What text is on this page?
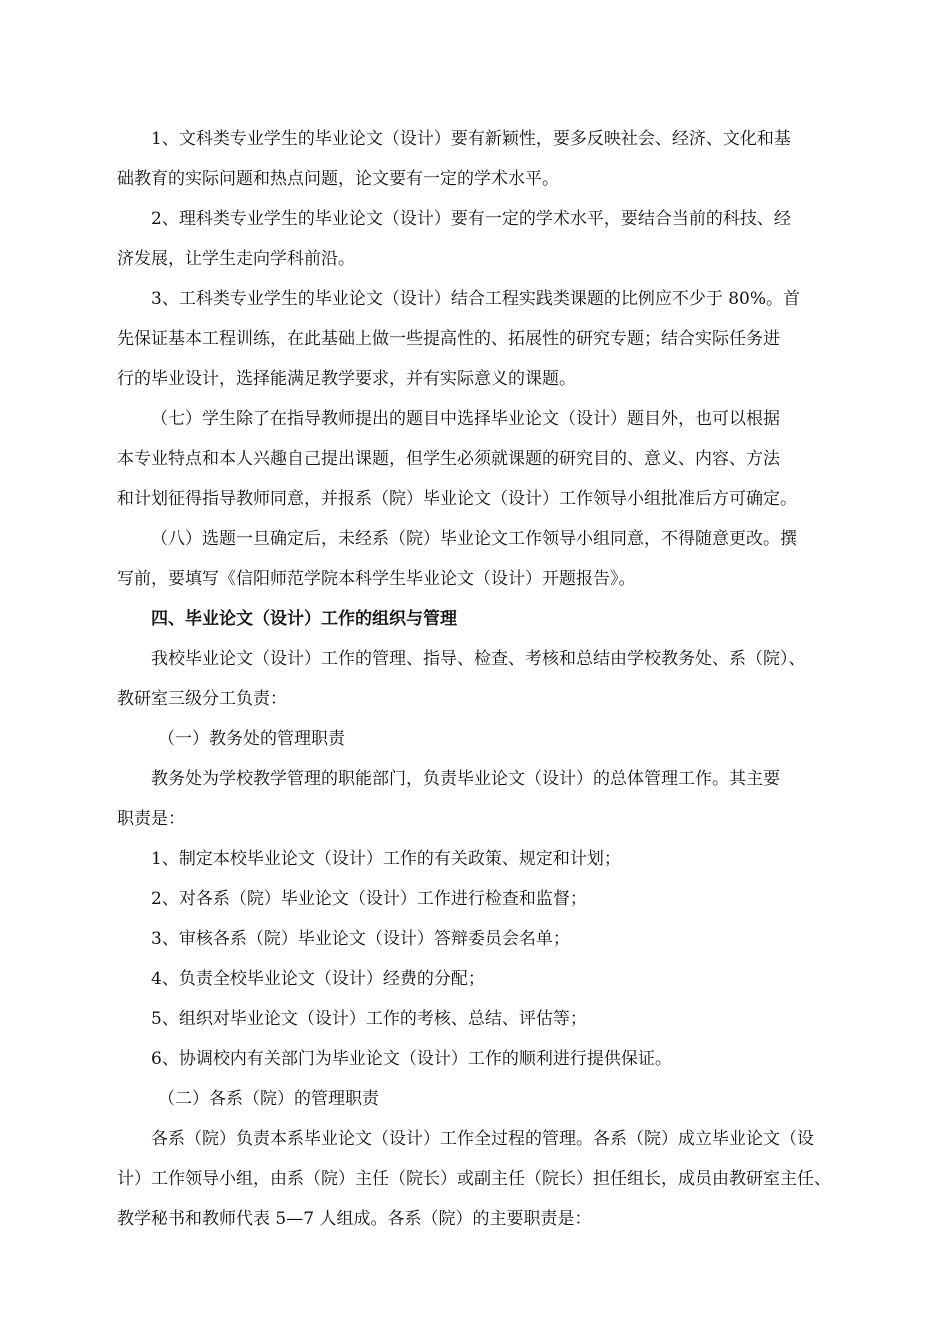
1、文科类专业学生的毕业论文（设计）要有新颖性，要多反映社会、经济、文化和基
础教育的实际问题和热点问题，论文要有一定的学术水平。
2、理科类专业学生的毕业论文（设计）要有一定的学术水平，要结合当前的科技、经
济发展，让学生走向学科前沿。
3、工科类专业学生的毕业论文（设计）结合工程实践类课题的比例应不少于 80%。首
先保证基本工程训练，在此基础上做一些提高性的、拓展性的研究专题；结合实际任务进
行的毕业设计，选择能满足教学要求，并有实际意义的课题。
（七）学生除了在指导教师提出的题目中选择毕业论文（设计）题目外，也可以根据
本专业特点和本人兴趣自己提出课题，但学生必须就课题的研究目的、意义、内容、方法
和计划征得指导教师同意，并报系（院）毕业论文（设计）工作领导小组批准后方可确定。
（八）选题一旦确定后，未经系（院）毕业论文工作领导小组同意，不得随意更改。撰
写前，要填写《信阳师范学院本科学生毕业论文（设计）开题报告》。
四、毕业论文（设计）工作的组织与管理
我校毕业论文（设计）工作的管理、指导、检查、考核和总结由学校教务处、系（院）、
教研室三级分工负责：
（一）教务处的管理职责
教务处为学校教学管理的职能部门，负责毕业论文（设计）的总体管理工作。其主要
职责是：
1、制定本校毕业论文（设计）工作的有关政策、规定和计划；
2、对各系（院）毕业论文（设计）工作进行检查和监督；
3、审核各系（院）毕业论文（设计）答辩委员会名单；
4、负责全校毕业论文（设计）经费的分配；
5、组织对毕业论文（设计）工作的考核、总结、评估等；
6、协调校内有关部门为毕业论文（设计）工作的顺利进行提供保证。
（二）各系（院）的管理职责
各系（院）负责本系毕业论文（设计）工作全过程的管理。各系（院）成立毕业论文（设
计）工作领导小组，由系（院）主任（院长）或副主任（院长）担任组长，成员由教研室主任、
教学秘书和教师代表 5—7 人组成。各系（院）的主要职责是：
